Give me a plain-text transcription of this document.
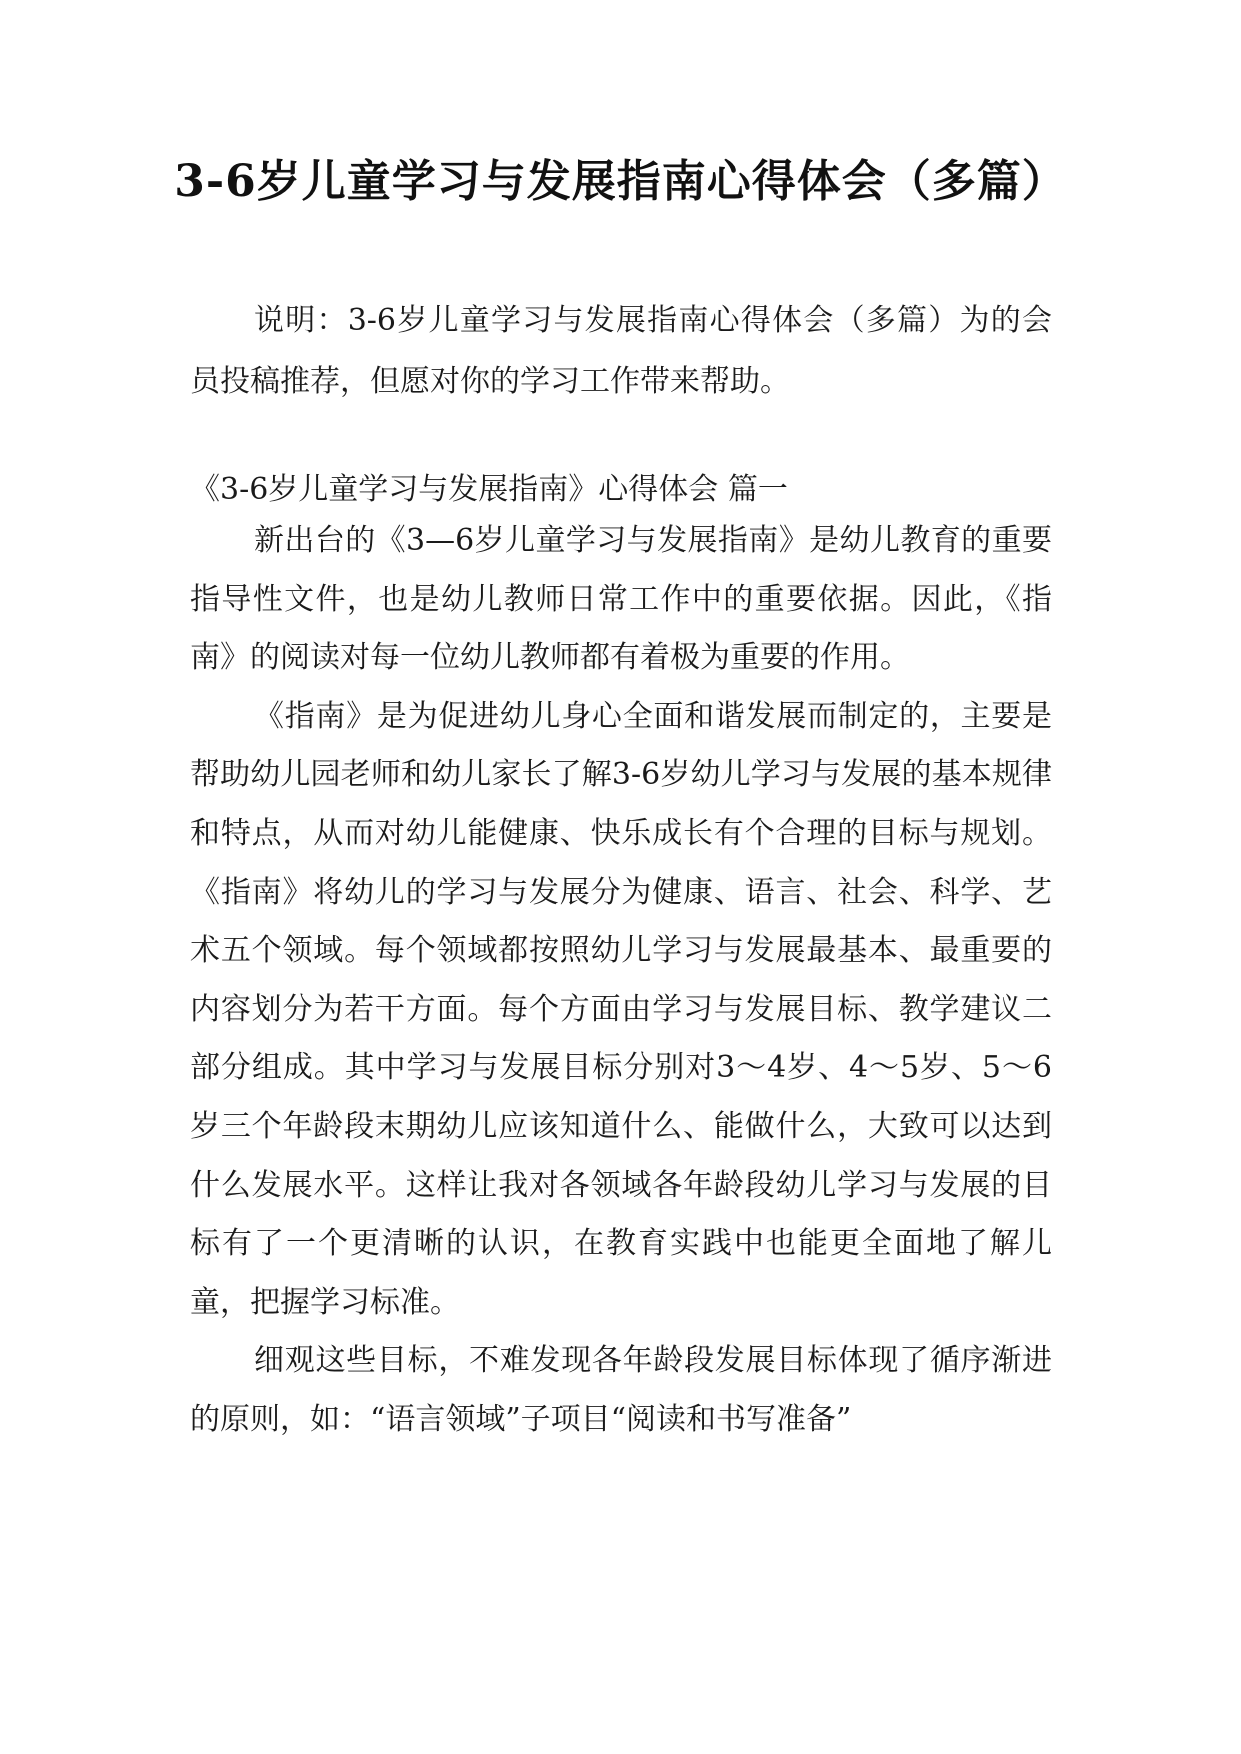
3-6岁儿童学习与发展指南心得体会（多篇）

说明：3-6岁儿童学习与发展指南心得体会（多篇）为的会员投稿推荐，但愿对你的学习工作带来帮助。

《3-6岁儿童学习与发展指南》心得体会 篇一

新出台的《3—6岁儿童学习与发展指南》是幼儿教育的重要指导性文件，也是幼儿教师日常工作中的重要依据。因此，《指南》的阅读对每一位幼儿教师都有着极为重要的作用。

《指南》是为促进幼儿身心全面和谐发展而制定的，主要是帮助幼儿园老师和幼儿家长了解3-6岁幼儿学习与发展的基本规律和特点，从而对幼儿能健康、快乐成长有个合理的目标与规划。《指南》将幼儿的学习与发展分为健康、语言、社会、科学、艺术五个领域。每个领域都按照幼儿学习与发展最基本、最重要的内容划分为若干方面。每个方面由学习与发展目标、教学建议二部分组成。其中学习与发展目标分别对3～4岁、4～5岁、5～6岁三个年龄段末期幼儿应该知道什么、能做什么，大致可以达到什么发展水平。这样让我对各领域各年龄段幼儿学习与发展的目标有了一个更清晰的认识，在教育实践中也能更全面地了解儿童，把握学习标准。

细观这些目标，不难发现各年龄段发展目标体现了循序渐进的原则，如：“语言领域”子项目“阅读和书写准备”
